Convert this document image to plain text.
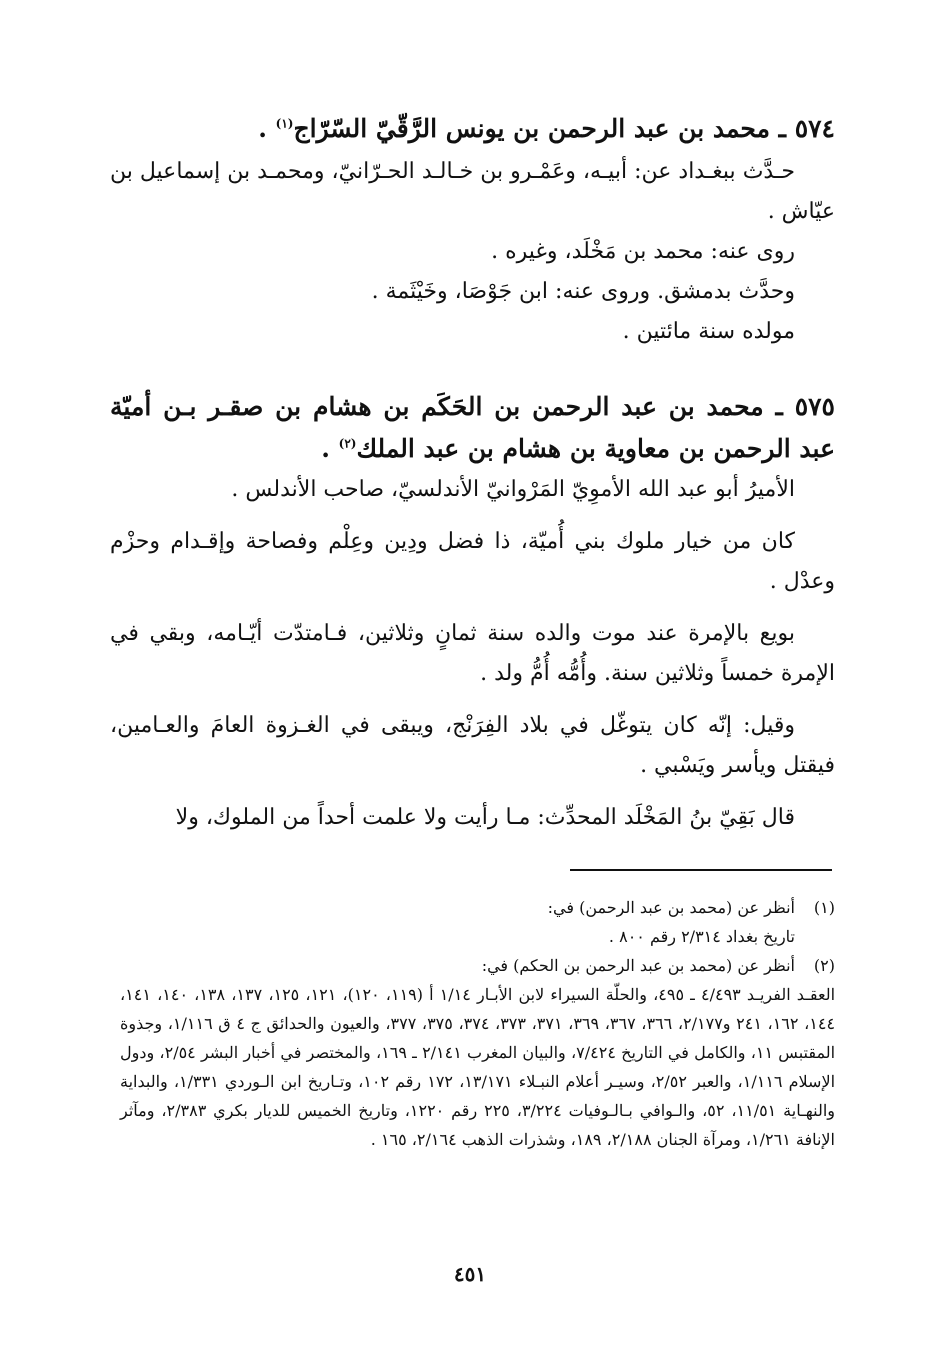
٥٧٤ ـ محمد بن عبد الرحمن بن يونس الرَّقّيّ السّرّاج$^{(١)}$ .

حـدَّث ببغـداد عن: أبيـه، وعَمْـرو بن خـالـد الحـرّانيّ، ومحمـد بن إسماعيل بن عيّاش .

روى عنه: محمد بن مَخْلَد، وغيره .

وحدَّث بدمشق. وروى عنه: ابن جَوْصَا، وخَيْثَمة .

مولده سنة مائتين .

٥٧٥ ـ محمد بن عبد الرحمن بن الحَكَم بن هشام بن صقـر بـن أميّة عبد الرحمن بن معاوية بن هشام بن عبد الملك$^{(٢)}$ .

الأميرُ أبو عبد الله الأموِيّ المَرْوانيّ الأندلسيّ، صاحب الأندلس .

كان من خيار ملوك بني أُميّة، ذا فضل ودِين وعِلْم وفصاحة وإقـدام وحزْم وعدْل .

بويع بالإمرة عند موت والده سنة ثمانٍ وثلاثين، فـامتدّت أيّـامه، وبقي في الإمرة خمساً وثلاثين سنة. وأُمُّه أُمُّ ولد .

وقيل: إنّه كان يتوغّل في بلاد الفِرَنْج، ويبقى في الغـزوة العامَ والعـامين، فيقتل ويأسر ويَسْبي .

قال بَقِيّ بنُ المَخْلَد المحدِّث: مـا رأيت ولا علمت أحداً من الملوك، ولا

(١)
أنظر عن (محمد بن عبد الرحمن) في:
تاريخ بغداد ٢/٣١٤ رقم ٨٠٠ .
(٢)
أنظر عن (محمد بن عبد الرحمن بن الحكم) في:
العقـد الفريـد ٤/٤٩٣ ـ ٤٩٥، والحلّة السيراء لابن الأبـار ١/١٤ أ (١١٩، ١٢٠)، ١٢١، ١٢٥، ١٣٧، ١٣٨، ١٤٠، ١٤١، ١٤٤، ١٦٢، ٢٤١ و٢/١٧٧، ٣٦٦، ٣٦٧، ٣٦٩، ٣٧١، ٣٧٣، ٣٧٤، ٣٧٥، ٣٧٧، والعيون والحدائق ج ٤ ق ١/١١٦، وجذوة المقتبس ١١، والكامل في التاريخ ٧/٤٢٤، والبيان المغرب ٢/١٤١ ـ ١٦٩، والمختصر في أخبار البشر ٢/٥٤، ودول الإسلام ١/١١٦، والعبر ٢/٥٢، وسيـر أعلام النبـلاء ١٣/١٧١، ١٧٢ رقم ١٠٢، وتـاريخ ابن الـوردي ١/٣٣١، والبداية والنهـاية ١١/٥١، ٥٢، والـوافي بـالـوفيات ٣/٢٢٤، ٢٢٥ رقم ١٢٢٠، وتاريخ الخميس للديار بكري ٢/٣٨٣، ومآثر الإنافة ١/٢٦١، ومرآة الجنان ٢/١٨٨، ١٨٩، وشذرات الذهب ٢/١٦٤، ١٦٥ .
٤٥١
